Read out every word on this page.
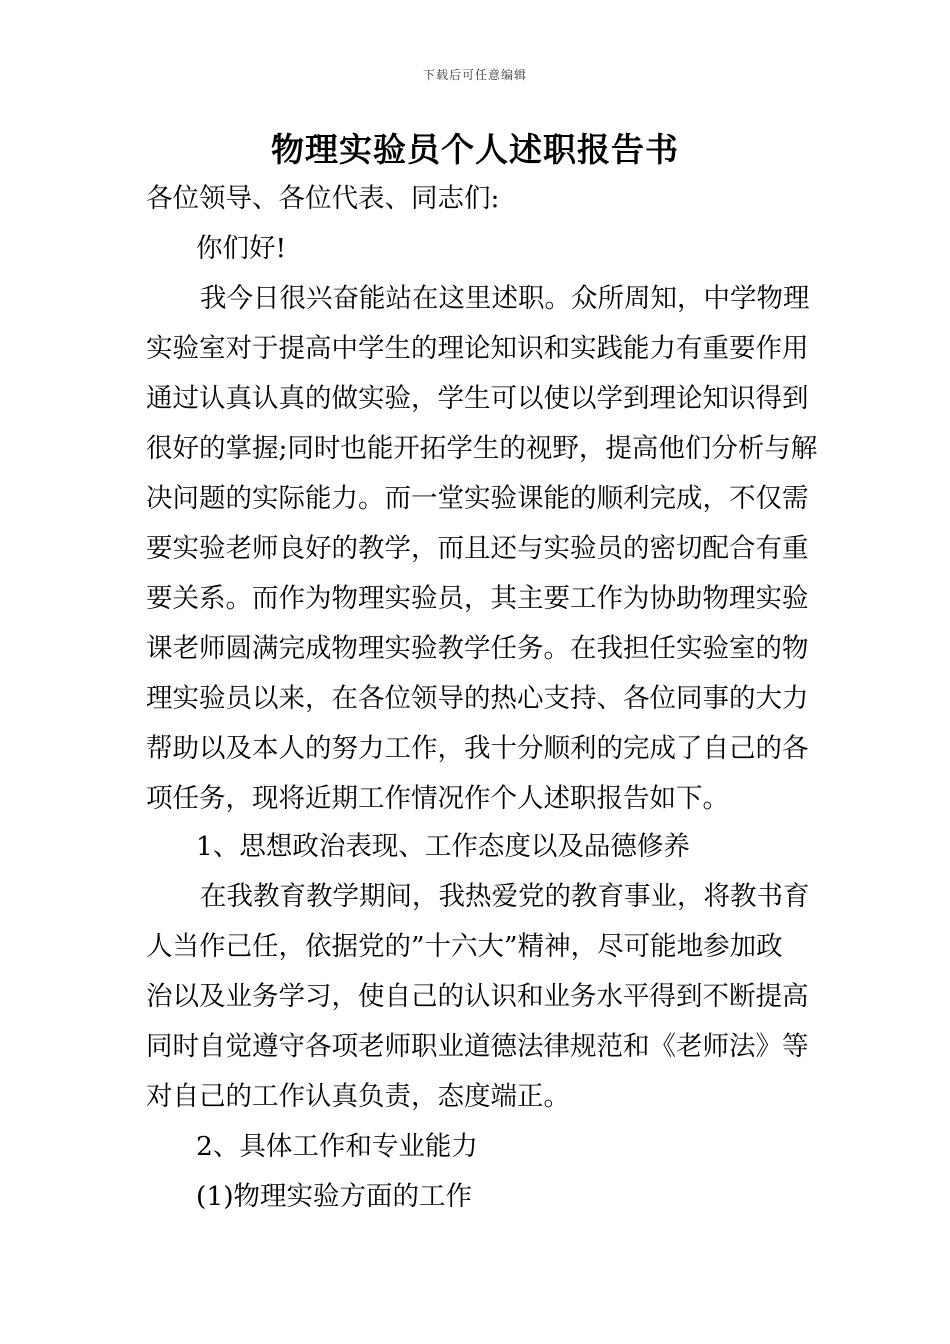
下载后可任意编辑
物理实验员个人述职报告书
各位领导、各位代表、同志们:
你们好!
我今日很兴奋能站在这里述职。众所周知，中学物理
实验室对于提高中学生的理论知识和实践能力有重要作用
通过认真认真的做实验，学生可以使以学到理论知识得到
很好的掌握;同时也能开拓学生的视野，提高他们分析与解
决问题的实际能力。而一堂实验课能的顺利完成，不仅需
要实验老师良好的教学，而且还与实验员的密切配合有重
要关系。而作为物理实验员，其主要工作为协助物理实验
课老师圆满完成物理实验教学任务。在我担任实验室的物
理实验员以来，在各位领导的热心支持、各位同事的大力
帮助以及本人的努力工作，我十分顺利的完成了自己的各
项任务，现将近期工作情况作个人述职报告如下。
1、思想政治表现、工作态度以及品德修养
在我教育教学期间，我热爱党的教育事业，将教书育
人当作己任，依据党的”十六大”精神，尽可能地参加政
治以及业务学习，使自己的认识和业务水平得到不断提高
同时自觉遵守各项老师职业道德法律规范和《老师法》等
对自己的工作认真负责，态度端正。
2、具体工作和专业能力
(1)物理实验方面的工作
